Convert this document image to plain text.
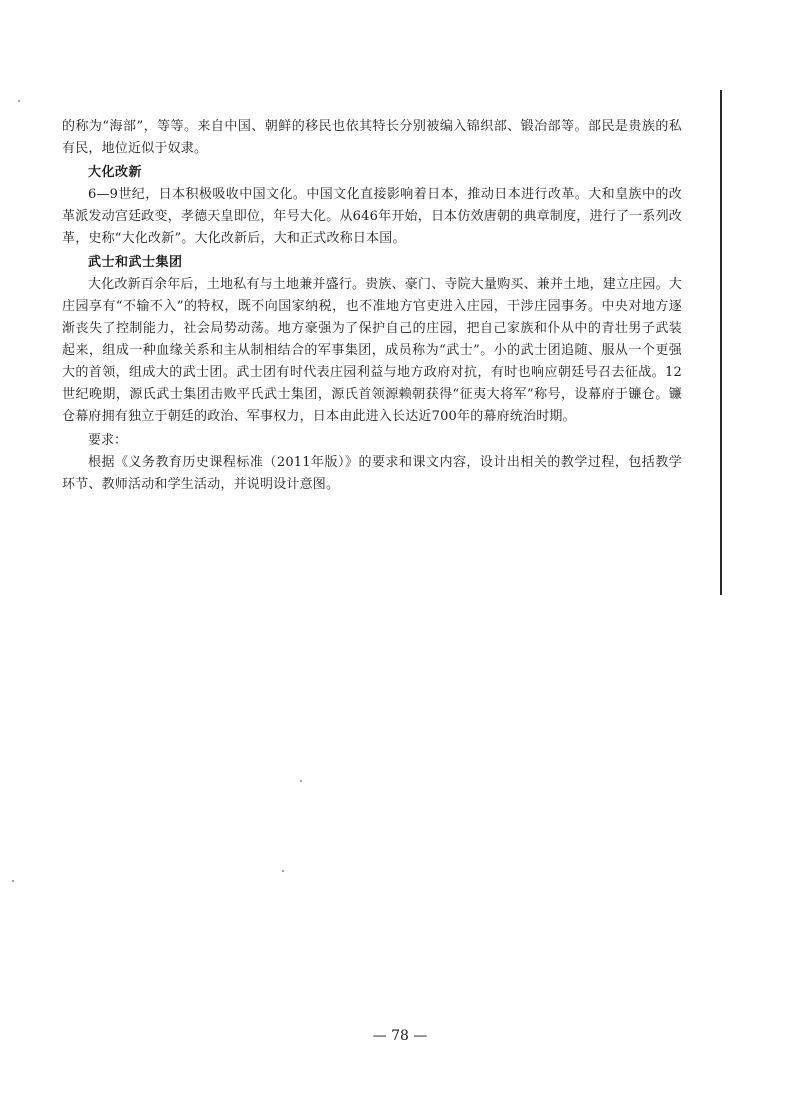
的称为“海部”，等等。来自中国、朝鲜的移民也依其特长分别被编入锦织部、锻冶部等。部民是贵族的私有民，地位近似于奴隶。

大化改新

6—9世纪，日本积极吸收中国文化。中国文化直接影响着日本，推动日本进行改革。大和皇族中的改革派发动宫廷政变，孝德天皇即位，年号大化。从646年开始，日本仿效唐朝的典章制度，进行了一系列改革，史称“大化改新”。大化改新后，大和正式改称日本国。

武士和武士集团

大化改新百余年后，土地私有与土地兼并盛行。贵族、豪门、寺院大量购买、兼并土地，建立庄园。大庄园享有“不输不入”的特权，既不向国家纳税，也不准地方官吏进入庄园，干涉庄园事务。中央对地方逐渐丧失了控制能力，社会局势动荡。地方豪强为了保护自己的庄园，把自己家族和仆从中的青壮男子武装起来，组成一种血缘关系和主从制相结合的军事集团，成员称为“武士”。小的武士团追随、服从一个更强大的首领，组成大的武士团。武士团有时代表庄园利益与地方政府对抗，有时也响应朝廷号召去征战。12世纪晚期，源氏武士集团击败平氏武士集团，源氏首领源赖朝获得“征夷大将军”称号，设幕府于镰仓。镰仓幕府拥有独立于朝廷的政治、军事权力，日本由此进入长达近700年的幕府统治时期。

要求：

根据《义务教育历史课程标准（2011年版）》的要求和课文内容，设计出相关的教学过程，包括教学环节、教师活动和学生活动，并说明设计意图。

— 78 —
